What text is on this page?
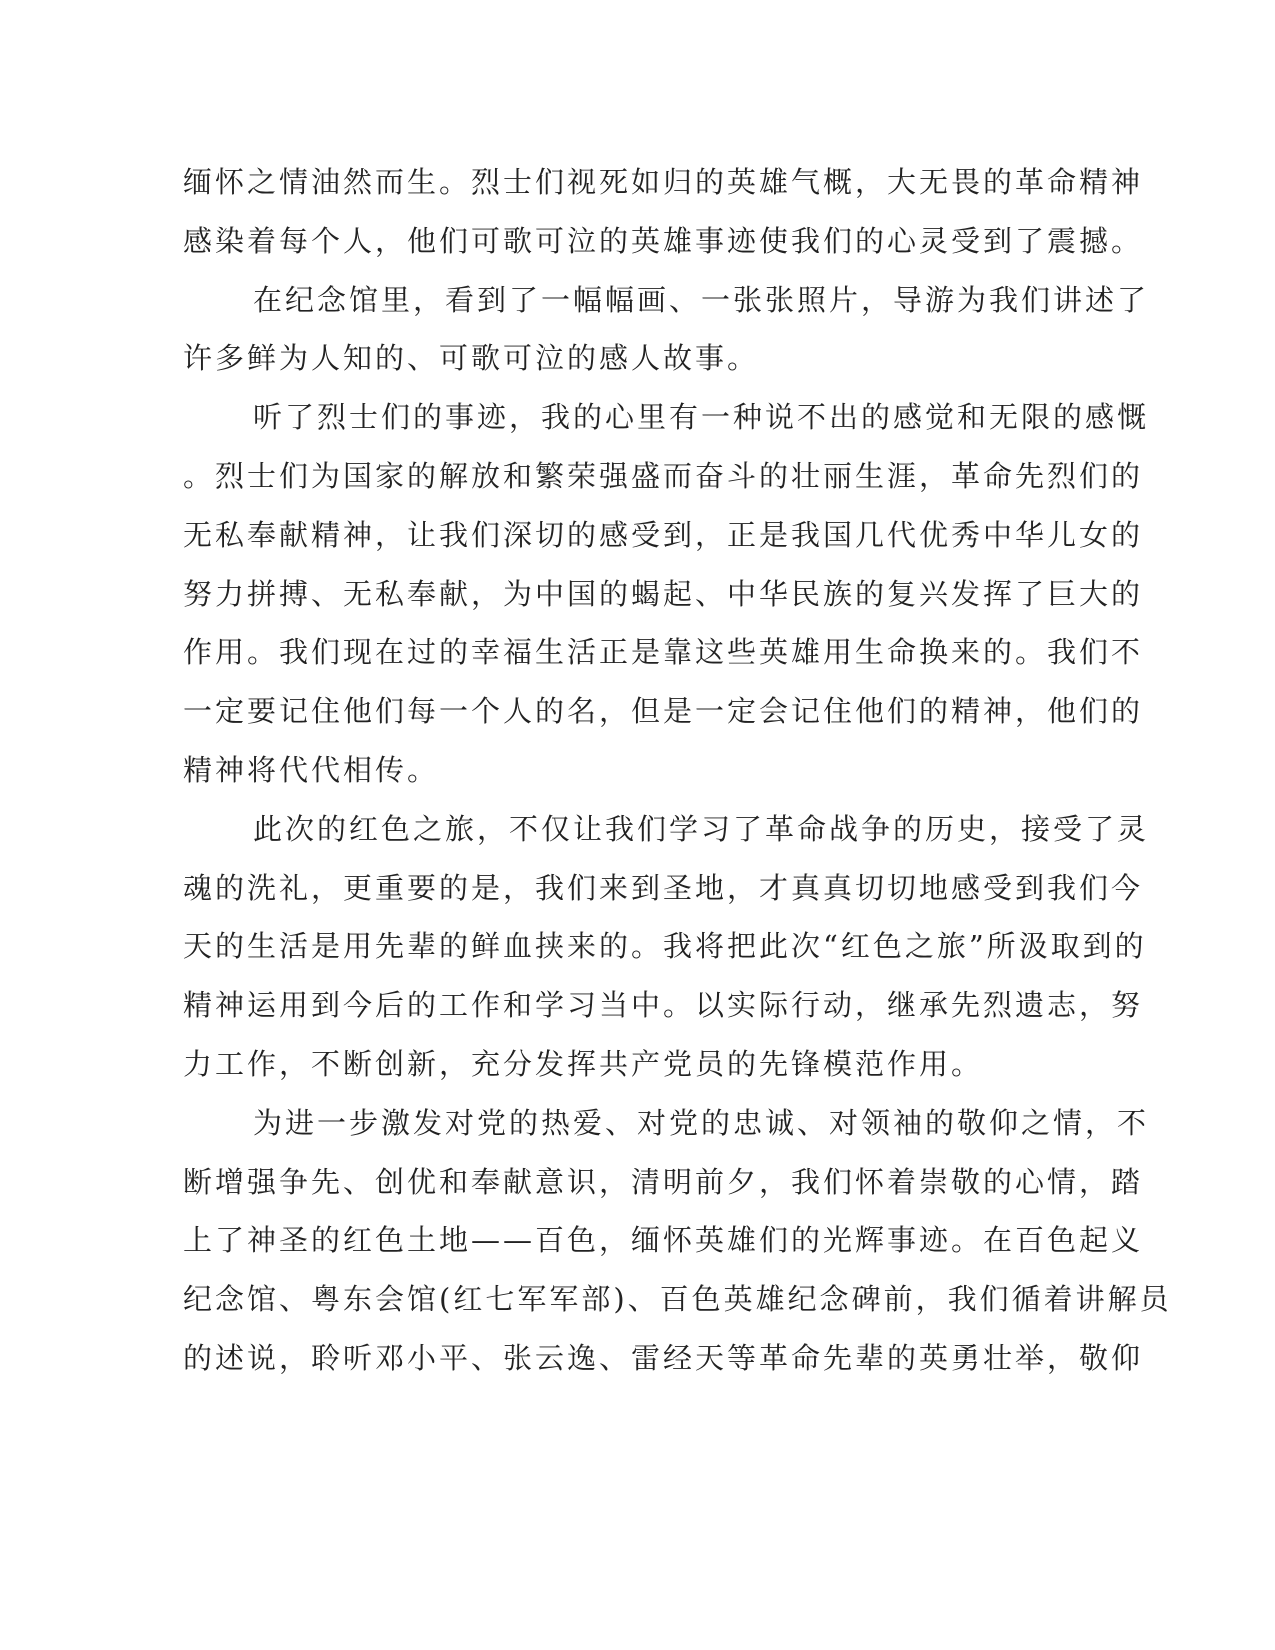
缅怀之情油然而生。烈士们视死如归的英雄气概，大无畏的革命精神
感染着每个人，他们可歌可泣的英雄事迹使我们的心灵受到了震撼。
在纪念馆里，看到了一幅幅画、一张张照片，导游为我们讲述了
许多鲜为人知的、可歌可泣的感人故事。
听了烈士们的事迹，我的心里有一种说不出的感觉和无限的感慨
。烈士们为国家的解放和繁荣强盛而奋斗的壮丽生涯，革命先烈们的
无私奉献精神，让我们深切的感受到，正是我国几代优秀中华儿女的
努力拼搏、无私奉献，为中国的蝎起、中华民族的复兴发挥了巨大的
作用。我们现在过的幸福生活正是靠这些英雄用生命换来的。我们不
一定要记住他们每一个人的名，但是一定会记住他们的精神，他们的
精神将代代相传。
此次的红色之旅，不仅让我们学习了革命战争的历史，接受了灵
魂的洗礼，更重要的是，我们来到圣地，才真真切切地感受到我们今
天的生活是用先辈的鲜血挟来的。我将把此次“红色之旅”所汲取到的
精神运用到今后的工作和学习当中。以实际行动，继承先烈遗志，努
力工作，不断创新，充分发挥共产党员的先锋模范作用。
为进一步激发对党的热爱、对党的忠诚、对领袖的敬仰之情，不
断增强争先、创优和奉献意识，清明前夕，我们怀着崇敬的心情，踏
上了神圣的红色土地——百色，缅怀英雄们的光辉事迹。在百色起义
纪念馆、粤东会馆(红七军军部)、百色英雄纪念碑前，我们循着讲解员
的述说，聆听邓小平、张云逸、雷经天等革命先辈的英勇壮举，敬仰
